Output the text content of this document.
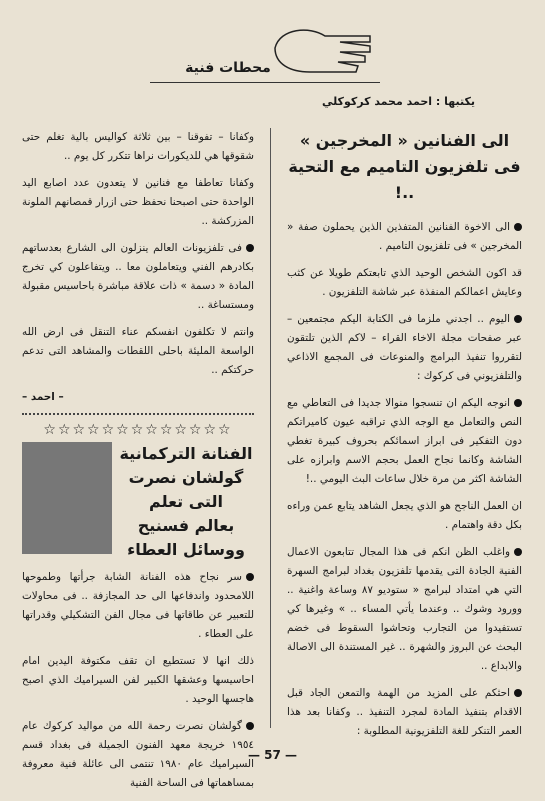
محطات فنية
يكتبها : احمد محمد كركوكلي
الى الفنانين « المخرجين » فى تلفزيون التاميم مع التحية ..!

الى الاخوة الفنانين المتفذين الذين يحملون صفة « المخرجين » فى تلفزيون التاميم .

قد اكون الشخص الوحيد الذي تابعتكم طويلا عن كثب وعايش اعمالكم المنفذة عبر شاشة التلفزيون .

اليوم .. اجدني ملزما فى الكتابة اليكم مجتمعين – عبر صفحات مجلة الاخاء القراء – لاكم الذين تلتقون لتقرروا تنفيذ البرامج والمنوعات فى المجمع الاذاعي والتلفزيوني فى كركوك :

انوجه اليكم ان تنسجوا منوالا جديدا فى التعاطي مع النص والتعامل مع الوجه الذي تراقبه عيون كاميراتكم دون التفكير فى ابراز اسمائكم بحروف كبيرة تغطي الشاشة وكانما نجاح العمل بحجم الاسم وابرازه على الشاشة اكثر من مرة خلال ساعات البث اليومي ..!

ان العمل الناجح هو الذي يجعل الشاهد يتابع عمن وراءه بكل دقة واهتمام .

واغلب الظن انكم فى هذا المجال تتابعون الاعمال الفنية الجادة التى يقدمها تلفزيون بغداد لبرامج السهرة التي هي امتداد لبرامج « ستوديو ٨٧ وساعة واغنية .. وورود وشوك .. وعندما يأتي المساء .. » وغيرها كي تستفيدوا من التجارب وتحاشوا السقوط فى خضم البحث عن البروز والشهرة .. غير المستندة الى الاصالة والابداع ..

احثكم على المزيد من الهمة والتمعن الجاد قبل الاقدام بتنفيذ المادة لمجرد التنفيذ .. وكفانا بعد هذا العمر التنكر للغة التلفزيونية المطلوبة :

وكفانا – تفوقنا – بين ثلاثة كواليس بالية تغلم حتى شقوقها هي للديكورات نراها تتكرر كل يوم ..

وكفانا تعاطفا مع فنانين لا يتعدون عدد اصابع اليد الواحدة حتى اصبحنا نحفظ حتى ازرار قمصانهم الملونة المزركشة ..

فى تلفزيونات العالم ينزلون الى الشارع بعدساتهم بكادرهم الفني ويتعاملون معا .. ويتفاعلون كي تخرج المادة « دسمة » ذات علاقة مباشرة باحاسيس مقبولة ومستساغة ..

وانتم لا تكلفون انفسكم عناء التنقل فى ارض الله الواسعة المليئة باحلى اللقطات والمشاهد التى تدعم حركتكم ..

– احمد –
☆☆☆☆☆☆☆☆☆☆☆☆☆
الفنانة التركمانية
گولشان نصرت
التى تعلم
بعالم فسنيح
ووسائل العطاء

سر نجاح هذه الفنانة الشابة جرأتها وطموحها اللامحدود واندفاعها الى حد المجازفة .. فى محاولات للتعبير عن طاقاتها فى مجال الفن التشكيلي وقدراتها على العطاء .

ذلك انها لا تستطيع ان تقف مكتوفة اليدين امام احاسيسها وعشقها الكبير لفن السيراميك الذي اصبح هاجسها الوحيد .

گولشان نصرت رحمة الله من مواليد كركوك عام ١٩٥٤ خريجة معهد الفنون الجميلة فى بغداد قسم السيراميك عام ١٩٨٠ تنتمى الى عائلة فنية معروفة بمساهماتها فى الساحة الفنية

— 57 —
